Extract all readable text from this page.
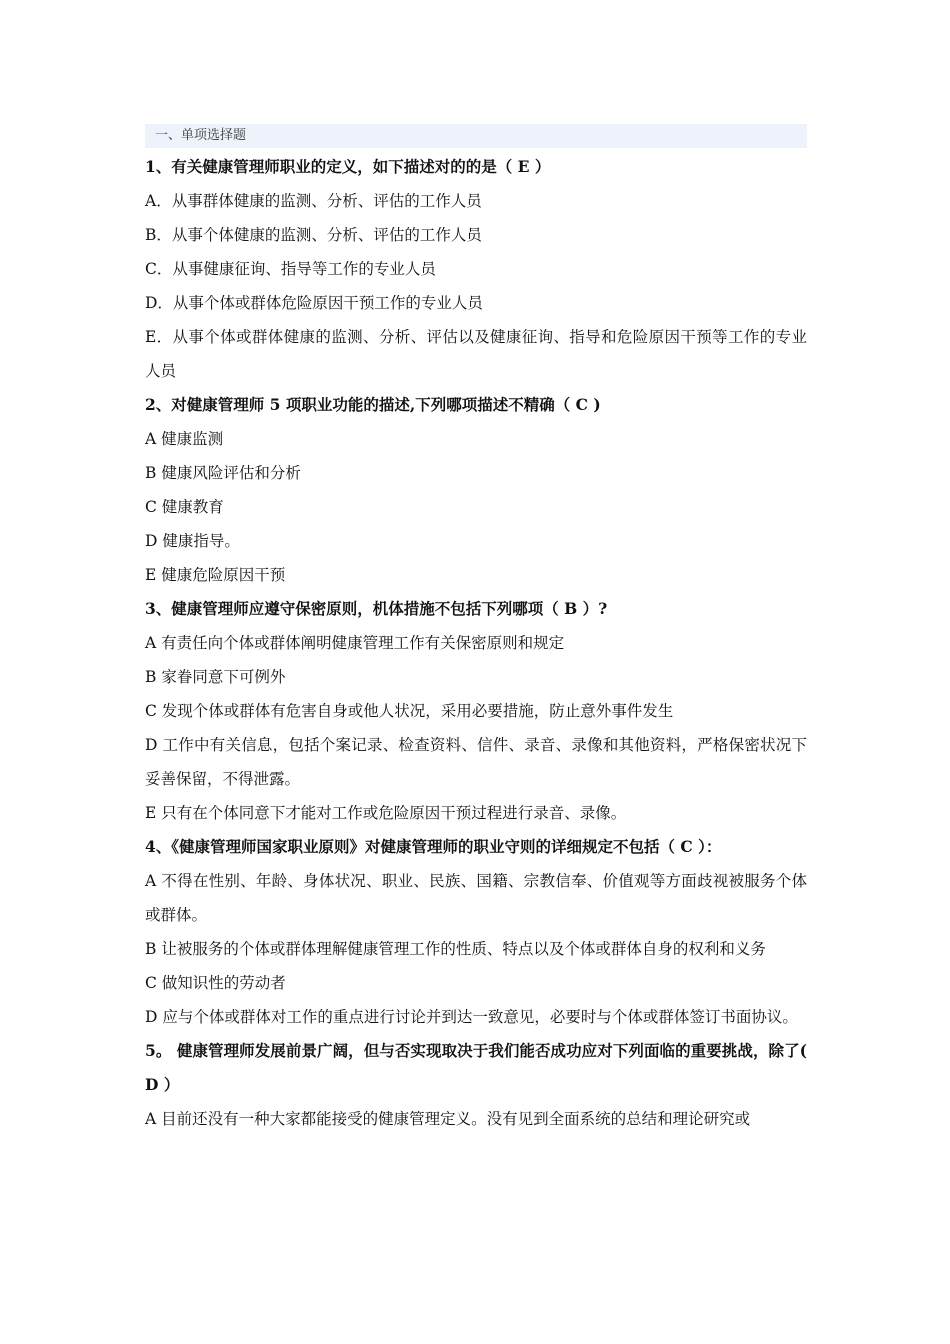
一、单项选择题
1、有关健康管理师职业的定义，如下描述对的的是（ E ）
A．从事群体健康的监测、分析、评估的工作人员
B．从事个体健康的监测、分析、评估的工作人员
C．从事健康征询、指导等工作的专业人员
D．从事个体或群体危险原因干预工作的专业人员
E．从事个体或群体健康的监测、分析、评估以及健康征询、指导和危险原因干预等工作的专业人员
2、对健康管理师 5 项职业功能的描述,下列哪项描述不精确（ C )
A 健康监测
B 健康风险评估和分析
C 健康教育
D 健康指导。
E 健康危险原因干预
3、健康管理师应遵守保密原则，机体措施不包括下列哪项（ B ）?
A 有责任向个体或群体阐明健康管理工作有关保密原则和规定
B 家眷同意下可例外
C 发现个体或群体有危害自身或他人状况，采用必要措施，防止意外事件发生
D 工作中有关信息，包括个案记录、检查资料、信件、录音、录像和其他资料，严格保密状况下妥善保留，不得泄露。
E 只有在个体同意下才能对工作或危险原因干预过程进行录音、录像。
4、《健康管理师国家职业原则》对健康管理师的职业守则的详细规定不包括（ C ）：
A 不得在性别、年龄、身体状况、职业、民族、国籍、宗教信奉、价值观等方面歧视被服务个体或群体。
B 让被服务的个体或群体理解健康管理工作的性质、特点以及个体或群体自身的权利和义务
C 做知识性的劳动者
D 应与个体或群体对工作的重点进行讨论并到达一致意见，必要时与个体或群体签订书面协议。
5。 健康管理师发展前景广阔，但与否实现取决于我们能否成功应对下列面临的重要挑战，除了( D ）
A 目前还没有一种大家都能接受的健康管理定义。没有见到全面系统的总结和理论研究或
